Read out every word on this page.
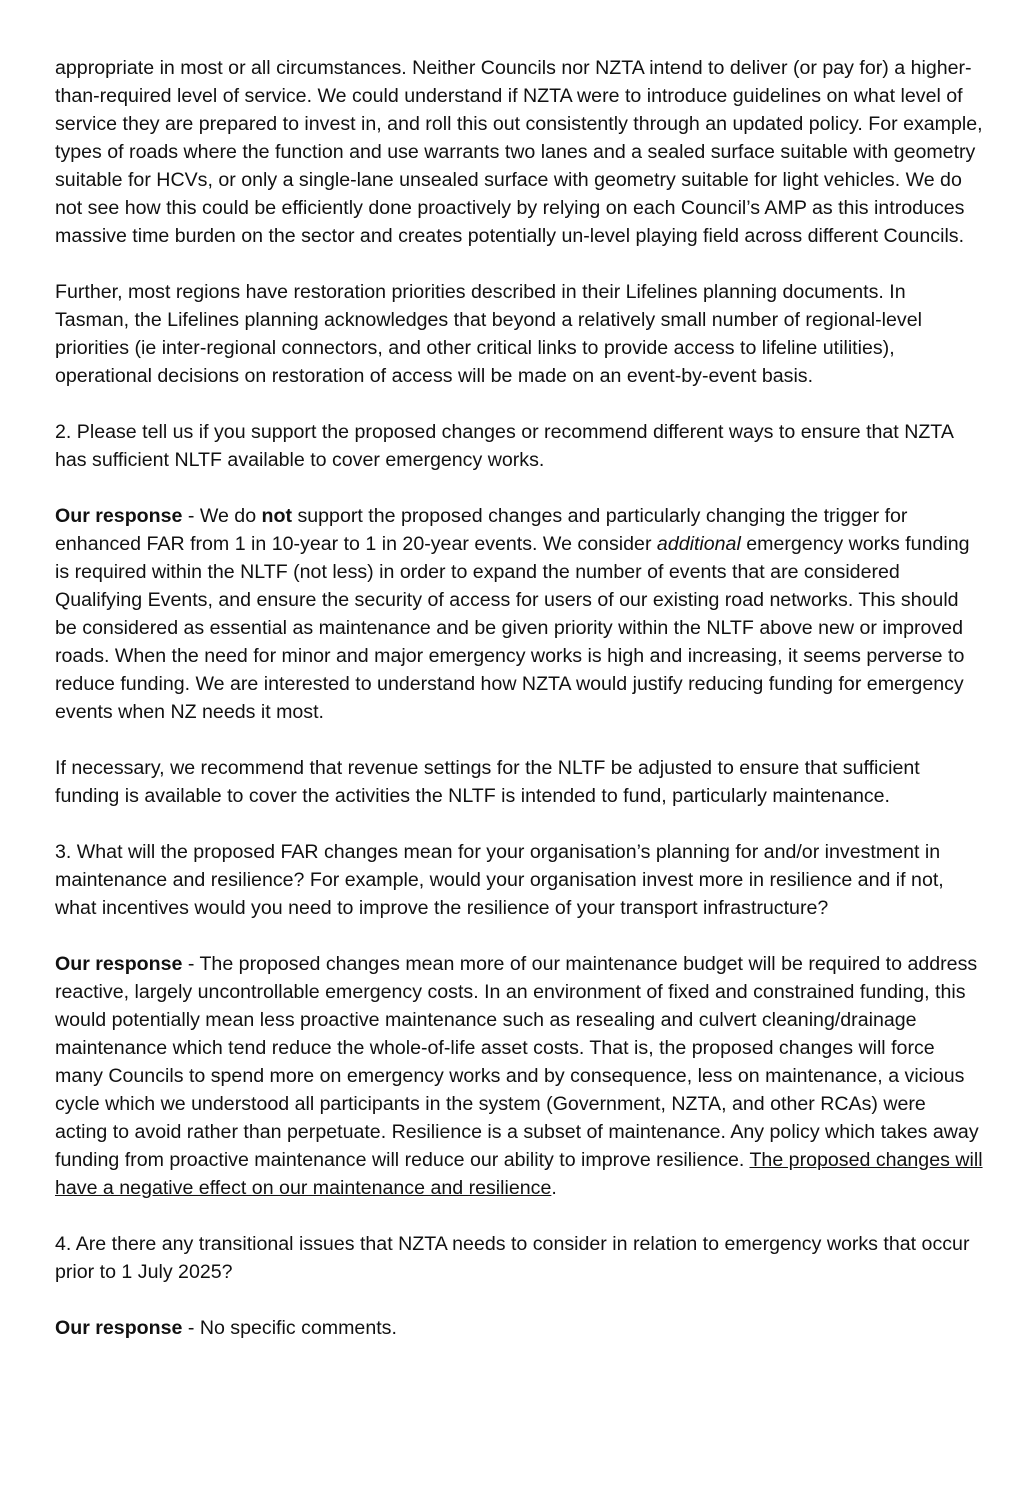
appropriate in most or all circumstances. Neither Councils nor NZTA intend to deliver (or pay for) a higher-than-required level of service. We could understand if NZTA were to introduce guidelines on what level of service they are prepared to invest in, and roll this out consistently through an updated policy. For example, types of roads where the function and use warrants two lanes and a sealed surface suitable with geometry suitable for HCVs, or only a single-lane unsealed surface with geometry suitable for light vehicles. We do not see how this could be efficiently done proactively by relying on each Council’s AMP as this introduces massive time burden on the sector and creates potentially un-level playing field across different Councils.

Further, most regions have restoration priorities described in their Lifelines planning documents. In Tasman, the Lifelines planning acknowledges that beyond a relatively small number of regional-level priorities (ie inter-regional connectors, and other critical links to provide access to lifeline utilities), operational decisions on restoration of access will be made on an event-by-event basis.

2. Please tell us if you support the proposed changes or recommend different ways to ensure that NZTA has sufficient NLTF available to cover emergency works.

Our response - We do not support the proposed changes and particularly changing the trigger for enhanced FAR from 1 in 10-year to 1 in 20-year events. We consider additional emergency works funding is required within the NLTF (not less) in order to expand the number of events that are considered Qualifying Events, and ensure the security of access for users of our existing road networks. This should be considered as essential as maintenance and be given priority within the NLTF above new or improved roads. When the need for minor and major emergency works is high and increasing, it seems perverse to reduce funding. We are interested to understand how NZTA would justify reducing funding for emergency events when NZ needs it most.

If necessary, we recommend that revenue settings for the NLTF be adjusted to ensure that sufficient funding is available to cover the activities the NLTF is intended to fund, particularly maintenance.

3. What will the proposed FAR changes mean for your organisation’s planning for and/or investment in maintenance and resilience? For example, would your organisation invest more in resilience and if not, what incentives would you need to improve the resilience of your transport infrastructure?

Our response - The proposed changes mean more of our maintenance budget will be required to address reactive, largely uncontrollable emergency costs. In an environment of fixed and constrained funding, this would potentially mean less proactive maintenance such as resealing and culvert cleaning/drainage maintenance which tend reduce the whole-of-life asset costs. That is, the proposed changes will force many Councils to spend more on emergency works and by consequence, less on maintenance, a vicious cycle which we understood all participants in the system (Government, NZTA, and other RCAs) were acting to avoid rather than perpetuate. Resilience is a subset of maintenance. Any policy which takes away funding from proactive maintenance will reduce our ability to improve resilience. The proposed changes will have a negative effect on our maintenance and resilience.

4. Are there any transitional issues that NZTA needs to consider in relation to emergency works that occur prior to 1 July 2025?

Our response - No specific comments.
